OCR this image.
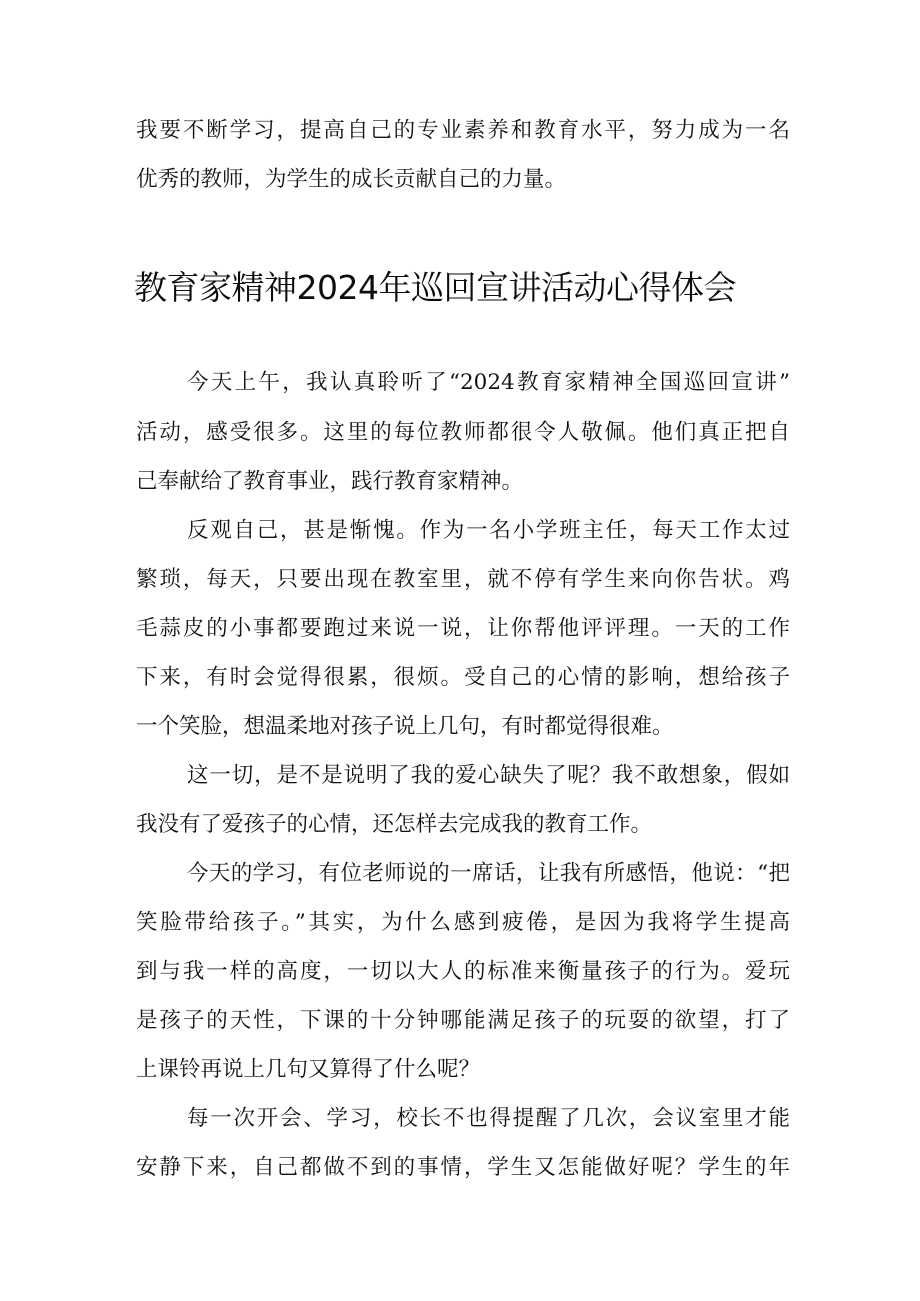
我要不断学习，提高自己的专业素养和教育水平，努力成为一名

优秀的教师，为学生的成长贡献自己的力量。

教育家精神2024年巡回宣讲活动心得体会

今天上午，我认真聆听了“2024教育家精神全国巡回宣讲”

活动，感受很多。这里的每位教师都很令人敬佩。他们真正把自

己奉献给了教育事业，践行教育家精神。

反观自己，甚是惭愧。作为一名小学班主任，每天工作太过

繁琐，每天，只要出现在教室里，就不停有学生来向你告状。鸡

毛蒜皮的小事都要跑过来说一说，让你帮他评评理。一天的工作

下来，有时会觉得很累，很烦。受自己的心情的影响，想给孩子

一个笑脸，想温柔地对孩子说上几句，有时都觉得很难。

这一切，是不是说明了我的爱心缺失了呢？我不敢想象，假如

我没有了爱孩子的心情，还怎样去完成我的教育工作。

今天的学习，有位老师说的一席话，让我有所感悟，他说：“把

笑脸带给孩子。”其实，为什么感到疲倦，是因为我将学生提高

到与我一样的高度，一切以大人的标准来衡量孩子的行为。爱玩

是孩子的天性，下课的十分钟哪能满足孩子的玩耍的欲望，打了

上课铃再说上几句又算得了什么呢？

每一次开会、学习，校长不也得提醒了几次，会议室里才能

安静下来，自己都做不到的事情，学生又怎能做好呢？学生的年
